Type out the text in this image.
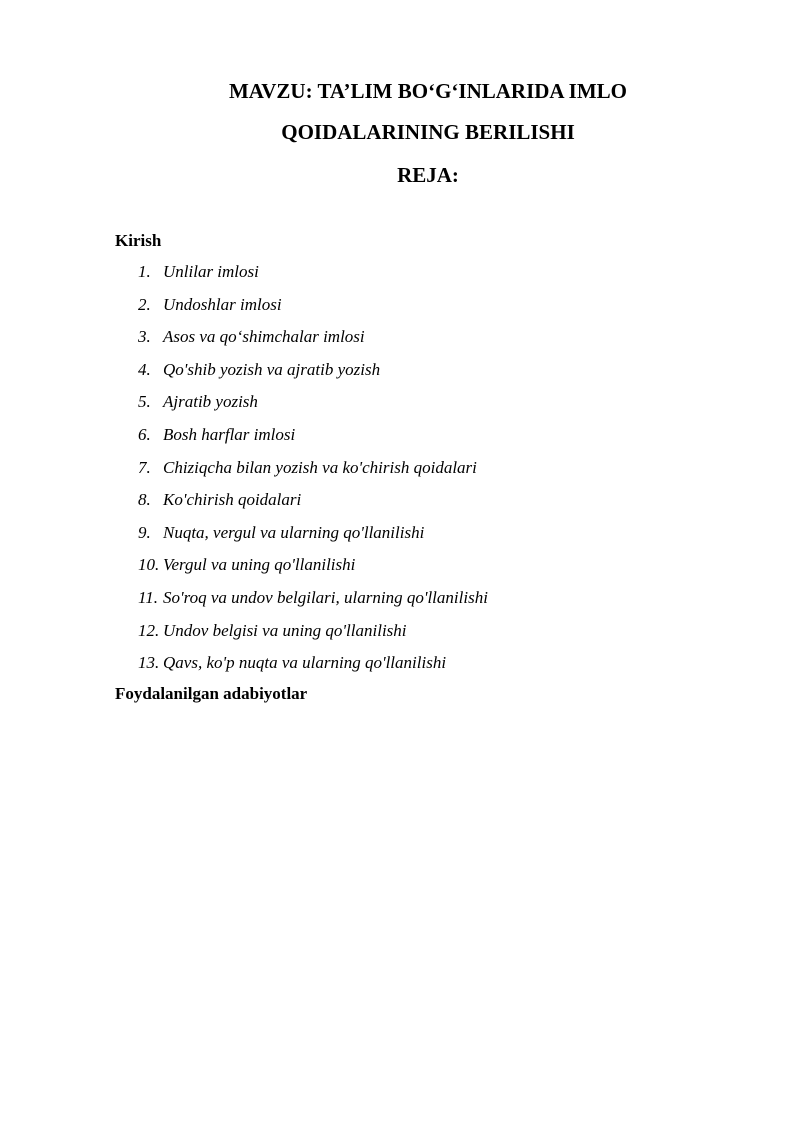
MAVZU: TA’LIM BO‘G‘INLARIDA IMLO
QOIDALARINING BERILISHI
REJA:
Kirish
1. Unlilar imlosi
2. Undoshlar imlosi
3. Asos va qo‘shimchalar imlosi
4. Qo'shib yozish va ajratib yozish
5. Ajratib yozish
6. Bosh harflar imlosi
7. Chiziqcha bilan yozish va ko'chirish qoidalari
8. Ko'chirish qoidalari
9. Nuqta, vergul va ularning qo'llanilishi
10. Vergul va uning qo'llanilishi
11. So'roq va undov belgilari, ularning qo'llanilishi
12. Undov belgisi va uning qo'llanilishi
13. Qavs, ko'p nuqta va ularning qo'llanilishi
Foydalanilgan adabiyotlar
